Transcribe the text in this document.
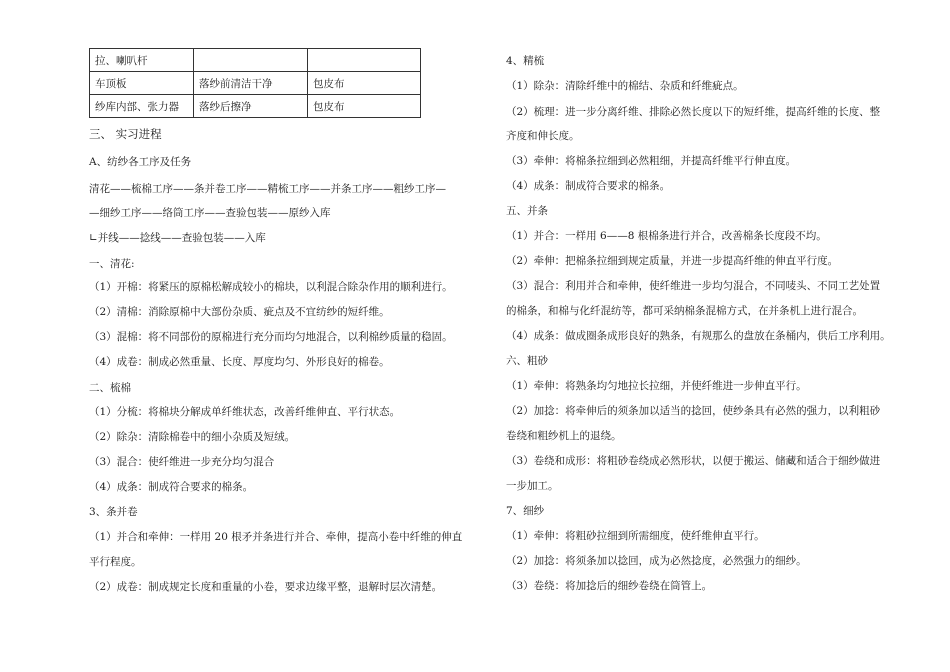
拉、喇叭杆		
车顶板	落纱前清洁干净	包皮布
纱库内部、张力器	落纱后擦净	包皮布
三、 实习进程
A、纺纱各工序及任务
清花——梳棉工序——条并卷工序——精梳工序——并条工序——粗纱工序—
—细纱工序——络筒工序——查验包装——原纱入库
∟并线——捻线——查验包装——入库
一、清花:
（1）开棉：将紧压的原棉松解成较小的棉块，以利混合除杂作用的顺利进行。
（2）清棉：消除原棉中大部份杂质、疵点及不宜纺纱的短纤维。
（3）混棉：将不同部份的原棉进行充分而均匀地混合，以利棉纱质量的稳固。
（4）成卷：制成必然重量、长度、厚度均匀、外形良好的棉卷。
二、梳棉
（1）分梳：将棉块分解成单纤维状态，改善纤维伸直、平行状态。
（2）除杂：清除棉卷中的细小杂质及短绒。
（3）混合：使纤维进一步充分均匀混合
（4）成条：制成符合要求的棉条。
3、条并卷
（1）并合和牵伸：一样用 20 根矛并条进行并合、牵伸，提高小卷中纤维的伸直
平行程度。
（2）成卷：制成规定长度和重量的小卷，要求边缘平整，退解时层次清楚。
4、精梳
（1）除杂：清除纤维中的棉结、杂质和纤维疵点。
（2）梳理：进一步分离纤维、排除必然长度以下的短纤维，提高纤维的长度、整
齐度和伸长度。
（3）牵伸：将棉条拉细到必然粗细，并提高纤维平行伸直度。
（4）成条：制成符合要求的棉条。
五、并条
（1）并合：一样用 6——8 根棉条进行并合，改善棉条长度段不均。
（2）牵伸：把棉条拉细到规定质量，并进一步提高纤维的伸直平行度。
（3）混合：利用并合和牵伸，使纤维进一步均匀混合，不同唛头、不同工艺处置
的棉条，和棉与化纤混纺等，都可采纳棉条混棉方式，在并条机上进行混合。
（4）成条：做成圈条成形良好的熟条，有规那么的盘放在条桶内，供后工序利用。
六、粗砂
（1）牵伸：将熟条均匀地拉长拉细，并使纤维进一步伸直平行。
（2）加捻：将牵伸后的须条加以适当的捻回，使纱条具有必然的强力，以利粗砂
卷绕和粗纱机上的退绕。
（3）卷绕和成形：将粗砂卷绕成必然形状，以便于搬运、储藏和适合于细纱做进
一步加工。
7、细纱
（1）牵伸：将粗砂拉细到所需细度，使纤维伸直平行。
（2）加捻：将须条加以捻回，成为必然捻度，必然强力的细纱。
（3）卷绕：将加捻后的细纱卷绕在筒管上。
